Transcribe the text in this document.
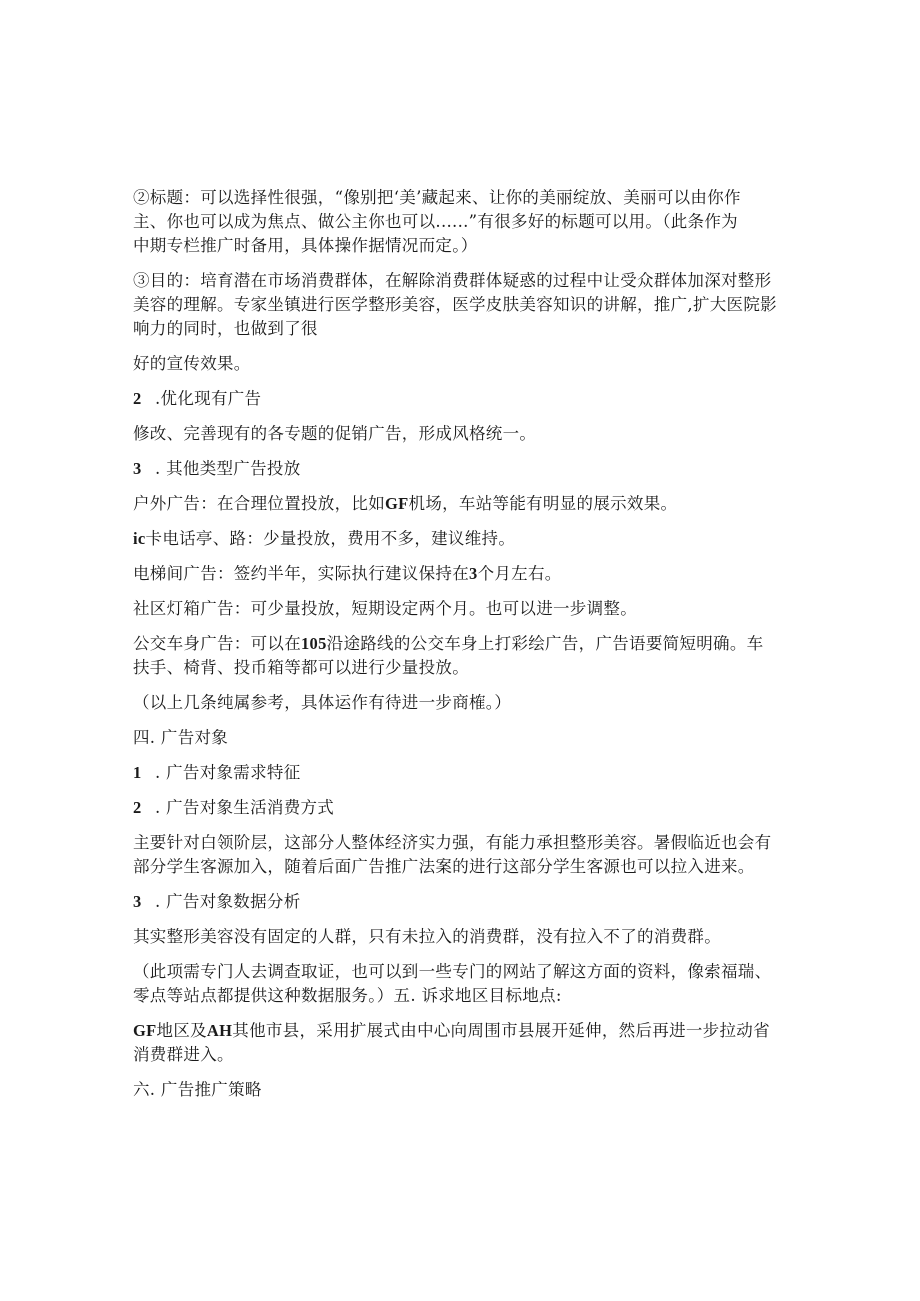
②标题：可以选择性很强，“像别把‘美’藏起来、让你的美丽绽放、美丽可以由你作
主、你也可以成为焦点、做公主你也可以......”有很多好的标题可以用。（此条作为
中期专栏推广时备用，具体操作据情况而定。）

③目的：培育潜在市场消费群体，在解除消费群体疑惑的过程中让受众群体加深对整形
美容的理解。专家坐镇进行医学整形美容，医学皮肤美容知识的讲解，推广,扩大医院影
响力的同时，也做到了很

好的宣传效果。

2 .优化现有广告

修改、完善现有的各专题的促销广告，形成风格统一。

3 . 其他类型广告投放

户外广告：在合理位置投放，比如GF机场，车站等能有明显的展示效果。

ic卡电话亭、路：少量投放，费用不多，建议维持。

电梯间广告：签约半年，实际执行建议保持在3个月左右。

社区灯箱广告：可少量投放，短期设定两个月。也可以进一步调整。

公交车身广告：可以在105沿途路线的公交车身上打彩绘广告，广告语要简短明确。车
扶手、椅背、投币箱等都可以进行少量投放。

（以上几条纯属参考，具体运作有待进一步商榷。）

四. 广告对象

1 . 广告对象需求特征

2 . 广告对象生活消费方式

主要针对白领阶层，这部分人整体经济实力强，有能力承担整形美容。暑假临近也会有
部分学生客源加入，随着后面广告推广法案的进行这部分学生客源也可以拉入进来。

3 . 广告对象数据分析

其实整形美容没有固定的人群，只有未拉入的消费群，没有拉入不了的消费群。

（此项需专门人去调查取证，也可以到一些专门的网站了解这方面的资料，像索福瑞、
零点等站点都提供这种数据服务。）五. 诉求地区目标地点:

GF地区及AH其他市县，采用扩展式由中心向周围市县展开延伸，然后再进一步拉动省
消费群进入。

六. 广告推广策略
